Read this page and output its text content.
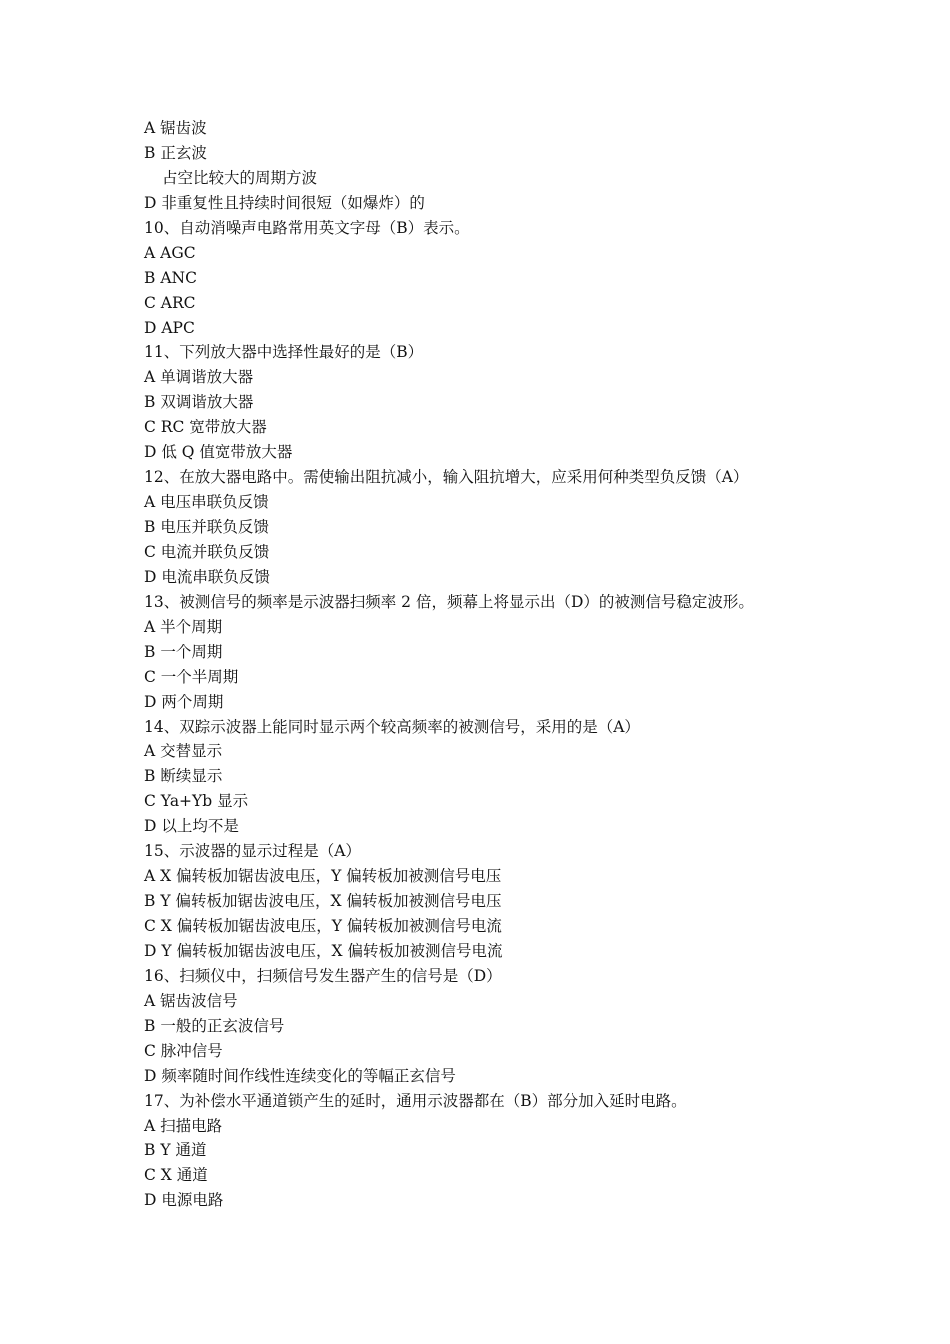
A 锯齿波
B 正玄波
占空比较大的周期方波
D 非重复性且持续时间很短（如爆炸）的
10、自动消噪声电路常用英文字母（B）表示。
A AGC
B ANC
C ARC
D APC
11、下列放大器中选择性最好的是（B）
A 单调谐放大器
B 双调谐放大器
C RC 宽带放大器
D 低 Q 值宽带放大器
12、在放大器电路中。需使输出阻抗减小，输入阻抗增大，应采用何种类型负反馈（A）
A 电压串联负反馈
B 电压并联负反馈
C 电流并联负反馈
D 电流串联负反馈
13、被测信号的频率是示波器扫频率 2 倍，频幕上将显示出（D）的被测信号稳定波形。
A 半个周期
B 一个周期
C 一个半周期
D 两个周期
14、双踪示波器上能同时显示两个较高频率的被测信号，采用的是（A）
A 交替显示
B 断续显示
C Ya+Yb 显示
D 以上均不是
15、示波器的显示过程是（A）
A X 偏转板加锯齿波电压，Y 偏转板加被测信号电压
B Y 偏转板加锯齿波电压，X 偏转板加被测信号电压
C X 偏转板加锯齿波电压，Y 偏转板加被测信号电流
D Y 偏转板加锯齿波电压，X 偏转板加被测信号电流
16、扫频仪中，扫频信号发生器产生的信号是（D）
A 锯齿波信号
B 一般的正玄波信号
C 脉冲信号
D 频率随时间作线性连续变化的等幅正玄信号
17、为补偿水平通道锁产生的延时，通用示波器都在（B）部分加入延时电路。
A 扫描电路
B Y 通道
C X 通道
D 电源电路
